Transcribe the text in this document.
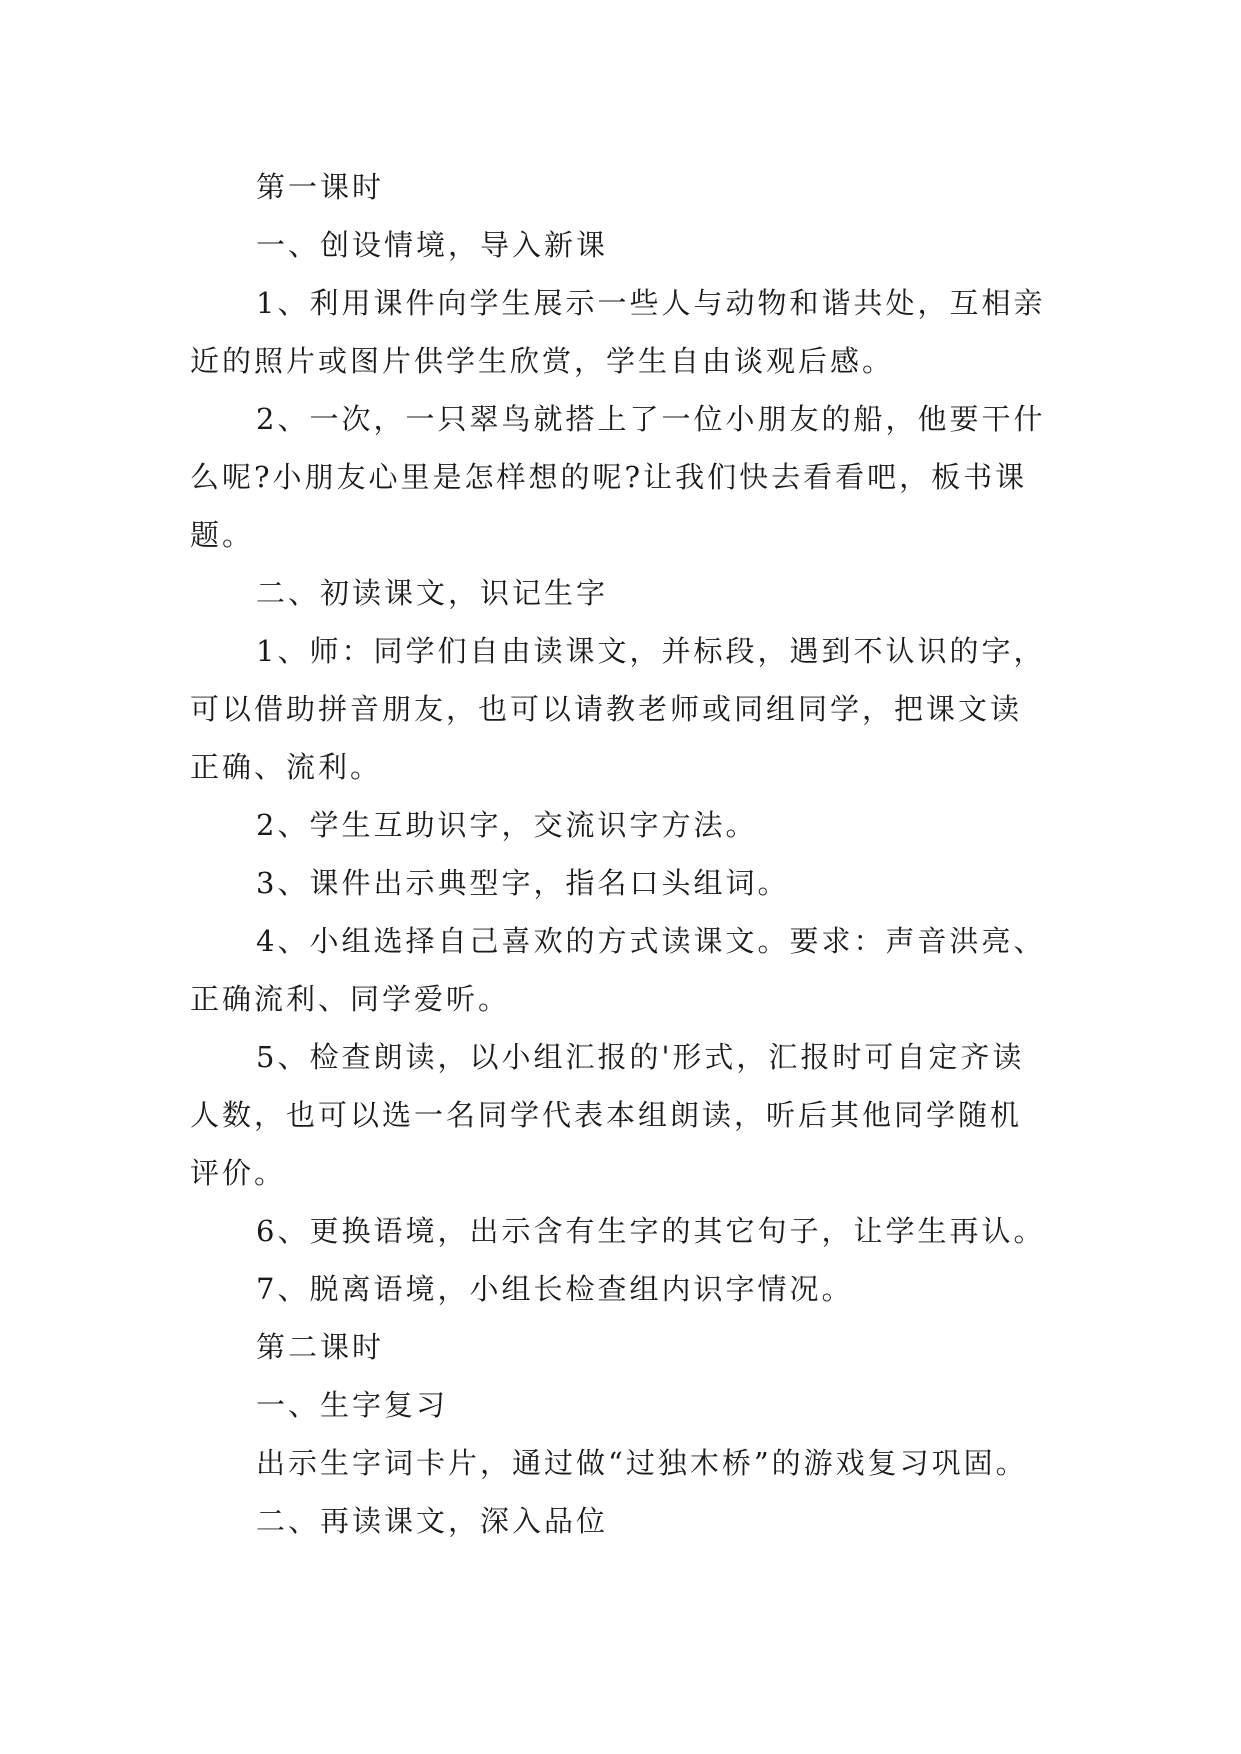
第一课时

一、创设情境，导入新课

1、利用课件向学生展示一些人与动物和谐共处，互相亲近的照片或图片供学生欣赏，学生自由谈观后感。

2、一次，一只翠鸟就搭上了一位小朋友的船，他要干什么呢?小朋友心里是怎样想的呢?让我们快去看看吧，板书课题。

二、初读课文，识记生字

1、师：同学们自由读课文，并标段，遇到不认识的字，可以借助拼音朋友，也可以请教老师或同组同学，把课文读正确、流利。

2、学生互助识字，交流识字方法。

3、课件出示典型字，指名口头组词。

4、小组选择自己喜欢的方式读课文。要求：声音洪亮、正确流利、同学爱听。

5、检查朗读，以小组汇报的'形式，汇报时可自定齐读人数，也可以选一名同学代表本组朗读，听后其他同学随机评价。

6、更换语境，出示含有生字的其它句子，让学生再认。

7、脱离语境，小组长检查组内识字情况。

第二课时

一、生字复习

出示生字词卡片，通过做“过独木桥”的游戏复习巩固。

二、再读课文，深入品位
